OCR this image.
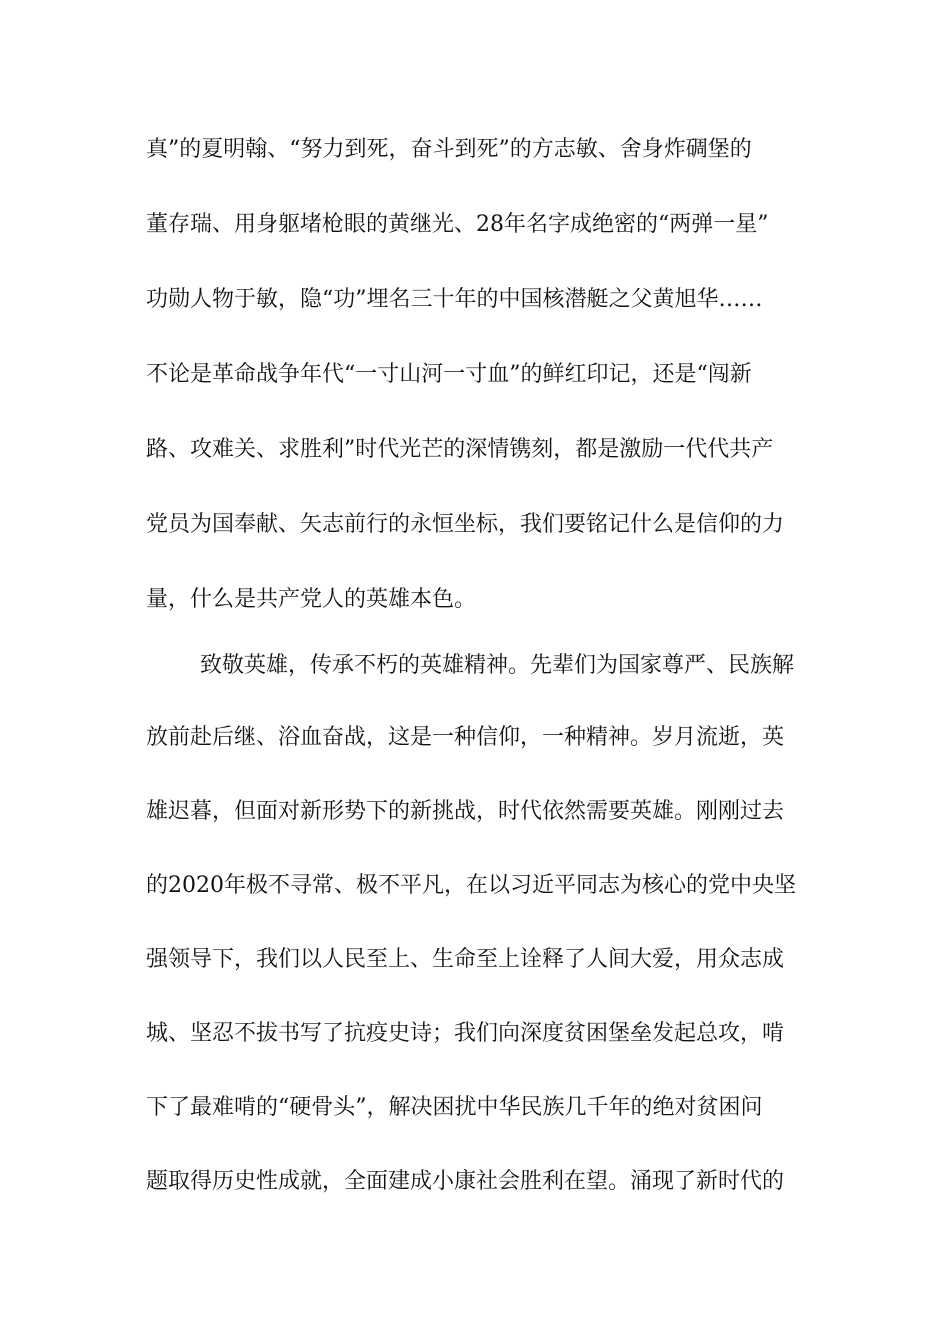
真”的夏明翰、“努力到死，奋斗到死”的方志敏、舍身炸碉堡的
董存瑞、用身躯堵枪眼的黄继光、28年名字成绝密的“两弹一星”
功勋人物于敏，隐“功”埋名三十年的中国核潜艇之父黄旭华……
不论是革命战争年代“一寸山河一寸血”的鲜红印记，还是“闯新
路、攻难关、求胜利”时代光芒的深情镌刻，都是激励一代代共产
党员为国奉献、矢志前行的永恒坐标，我们要铭记什么是信仰的力
量，什么是共产党人的英雄本色。
致敬英雄，传承不朽的英雄精神。先辈们为国家尊严、民族解
放前赴后继、浴血奋战，这是一种信仰，一种精神。岁月流逝，英
雄迟暮，但面对新形势下的新挑战，时代依然需要英雄。刚刚过去
的2020年极不寻常、极不平凡，在以习近平同志为核心的党中央坚
强领导下，我们以人民至上、生命至上诠释了人间大爱，用众志成
城、坚忍不拔书写了抗疫史诗；我们向深度贫困堡垒发起总攻，啃
下了最难啃的“硬骨头”，解决困扰中华民族几千年的绝对贫困问
题取得历史性成就，全面建成小康社会胜利在望。涌现了新时代的
